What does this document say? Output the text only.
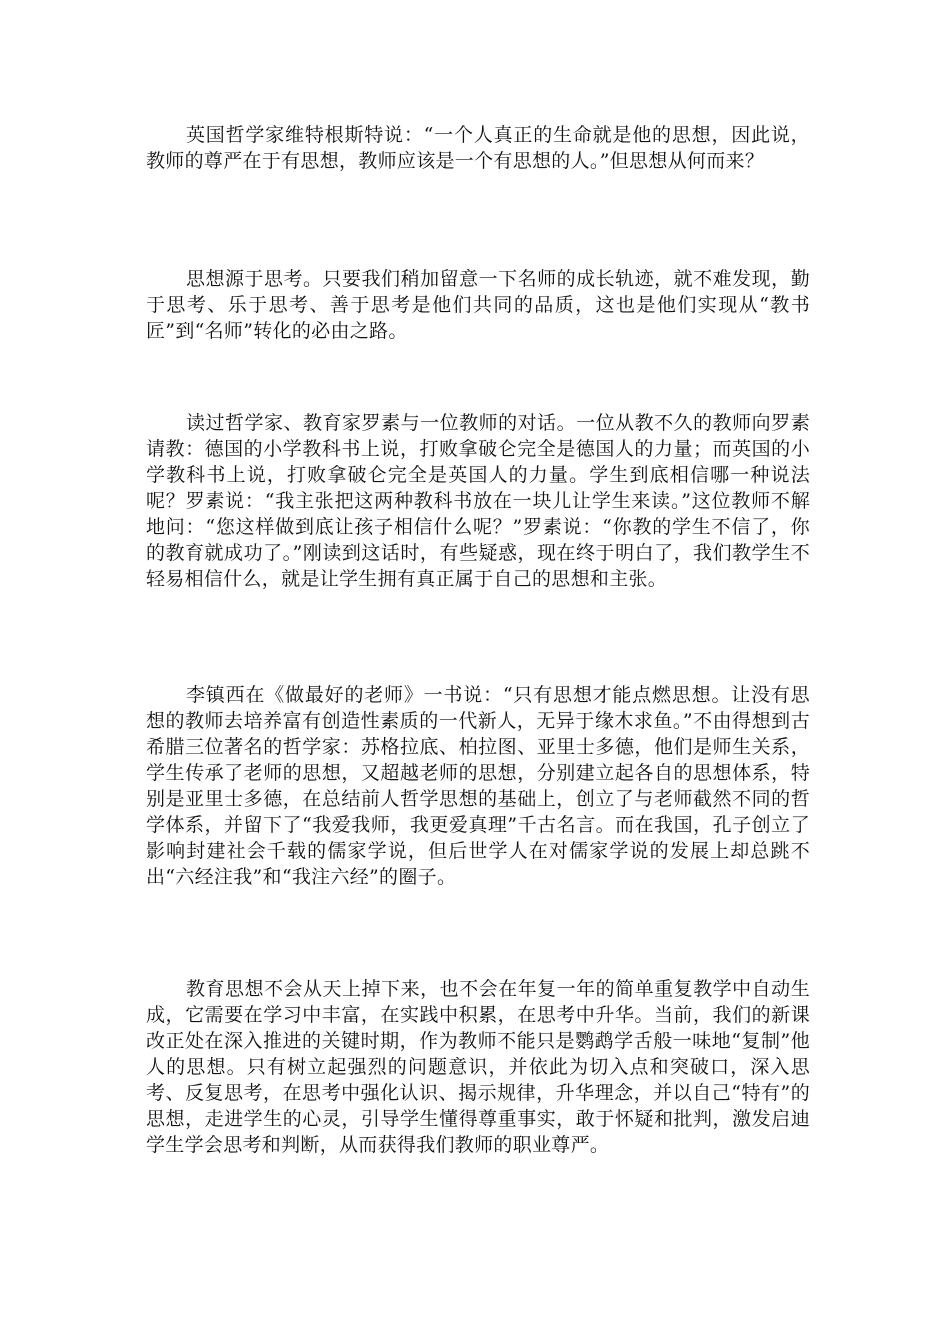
英国哲学家维特根斯特说：“一个人真正的生命就是他的思想，因此说，教师的尊严在于有思想，教师应该是一个有思想的人。”但思想从何而来？

思想源于思考。只要我们稍加留意一下名师的成长轨迹，就不难发现，勤于思考、乐于思考、善于思考是他们共同的品质，这也是他们实现从“教书匠”到“名师”转化的必由之路。

读过哲学家、教育家罗素与一位教师的对话。一位从教不久的教师向罗素请教：德国的小学教科书上说，打败拿破仑完全是德国人的力量；而英国的小学教科书上说，打败拿破仑完全是英国人的力量。学生到底相信哪一种说法呢？罗素说：“我主张把这两种教科书放在一块儿让学生来读。”这位教师不解地问：“您这样做到底让孩子相信什么呢？”罗素说：“你教的学生不信了，你的教育就成功了。”刚读到这话时，有些疑惑，现在终于明白了，我们教学生不轻易相信什么，就是让学生拥有真正属于自己的思想和主张。

李镇西在《做最好的老师》一书说：“只有思想才能点燃思想。让没有思想的教师去培养富有创造性素质的一代新人，无异于缘木求鱼。”不由得想到古希腊三位著名的哲学家：苏格拉底、柏拉图、亚里士多德，他们是师生关系，学生传承了老师的思想，又超越老师的思想，分别建立起各自的思想体系，特别是亚里士多德，在总结前人哲学思想的基础上，创立了与老师截然不同的哲学体系，并留下了“我爱我师，我更爱真理”千古名言。而在我国，孔子创立了影响封建社会千载的儒家学说，但后世学人在对儒家学说的发展上却总跳不出“六经注我”和“我注六经”的圈子。

教育思想不会从天上掉下来，也不会在年复一年的简单重复教学中自动生成，它需要在学习中丰富，在实践中积累，在思考中升华。当前，我们的新课改正处在深入推进的关键时期，作为教师不能只是鹦鹉学舌般一味地“复制”他人的思想。只有树立起强烈的问题意识，并依此为切入点和突破口，深入思考、反复思考，在思考中强化认识、揭示规律，升华理念，并以自己“特有”的思想，走进学生的心灵，引导学生懂得尊重事实，敢于怀疑和批判，激发启迪学生学会思考和判断，从而获得我们教师的职业尊严。
